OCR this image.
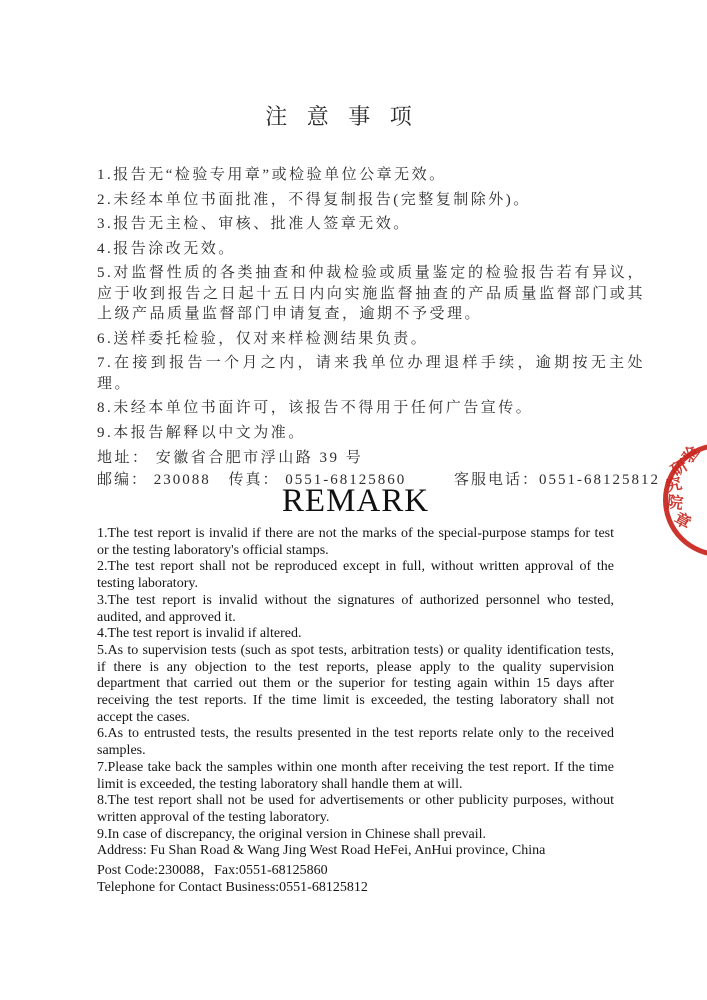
注 意 事 项

1.报告无“检验专用章”或检验单位公章无效。

2.未经本单位书面批准，不得复制报告(完整复制除外)。

3.报告无主检、审核、批准人签章无效。

4.报告涂改无效。

5.对监督性质的各类抽查和仲裁检验或质量鉴定的检验报告若有异议，应于收到报告之日起十五日内向实施监督抽查的产品质量监督部门或其上级产品质量监督部门申请复查，逾期不予受理。

6.送样委托检验，仅对来样检测结果负责。

7.在接到报告一个月之内，请来我单位办理退样手续，逾期按无主处理。

8.未经本单位书面许可，该报告不得用于任何广告宣传。

9.本报告解释以中文为准。

地址： 安徽省合肥市浮山路 39 号

邮编： 230088 传真： 0551-68125860	客服电话：0551-68125812

REMARK

1.The test report is invalid if there are not the marks of the special-purpose stamps for test or the testing laboratory's official stamps.

2.The test report shall not be reproduced except in full, without written approval of the testing laboratory.

3.The test report is invalid without the signatures of authorized personnel who tested, audited, and approved it.

4.The test report is invalid if altered.

5.As to supervision tests (such as spot tests, arbitration tests) or quality identification tests, if there is any objection to the test reports, please apply to the quality supervision department that carried out them or the superior for testing again within 15 days after receiving the test reports. If the time limit is exceeded, the testing laboratory shall not accept the cases.

6.As to entrusted tests, the results presented in the test reports relate only to the received samples.

7.Please take back the samples within one month after receiving the test report. If the time limit is exceeded, the testing laboratory shall handle them at will.

8.The test report shall not be used for advertisements or other publicity purposes, without written approval of the testing laboratory.

9.In case of discrepancy, the original version in Chinese shall prevail.

Address: Fu Shan Road & Wang Jing West Road HeFei, AnHui province, China

Post Code:230088，Fax:0551-68125860

Telephone for Contact Business:0551-68125812

验
研
究
院
章
